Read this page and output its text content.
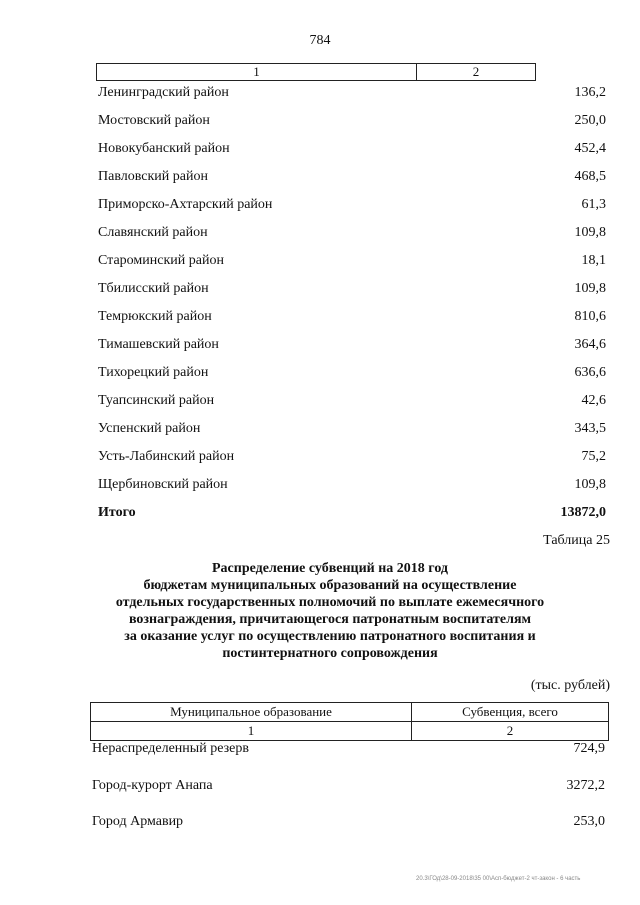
784
1	2
Ленинградский район	136,2
Мостовский район	250,0
Новокубанский район	452,4
Павловский район	468,5
Приморско-Ахтарский район	61,3
Славянский район	109,8
Староминский район	18,1
Тбилисский район	109,8
Темрюкский район	810,6
Тимашевский район	364,6
Тихорецкий район	636,6
Туапсинский район	42,6
Успенский район	343,5
Усть-Лабинский район	75,2
Щербиновский район	109,8
Итого	13872,0
Таблица 25
Распределение субвенций на 2018 год
бюджетам муниципальных образований на осуществление
отдельных государственных полномочий по выплате ежемесячного
вознаграждения, причитающегося патронатным воспитателям
за оказание услуг по осуществлению патронатного воспитания и
постинтернатного сопровождения
(тыс. рублей)
Муниципальное образование	Субвенция, всего
1	2
Нераспределенный резерв	724,9
Город-курорт Анапа	3272,2
Город Армавир	253,0
20.3\ГОд\28-09-2018\35 00\Асп-бюджет-2 чт-закон - 6 часть
